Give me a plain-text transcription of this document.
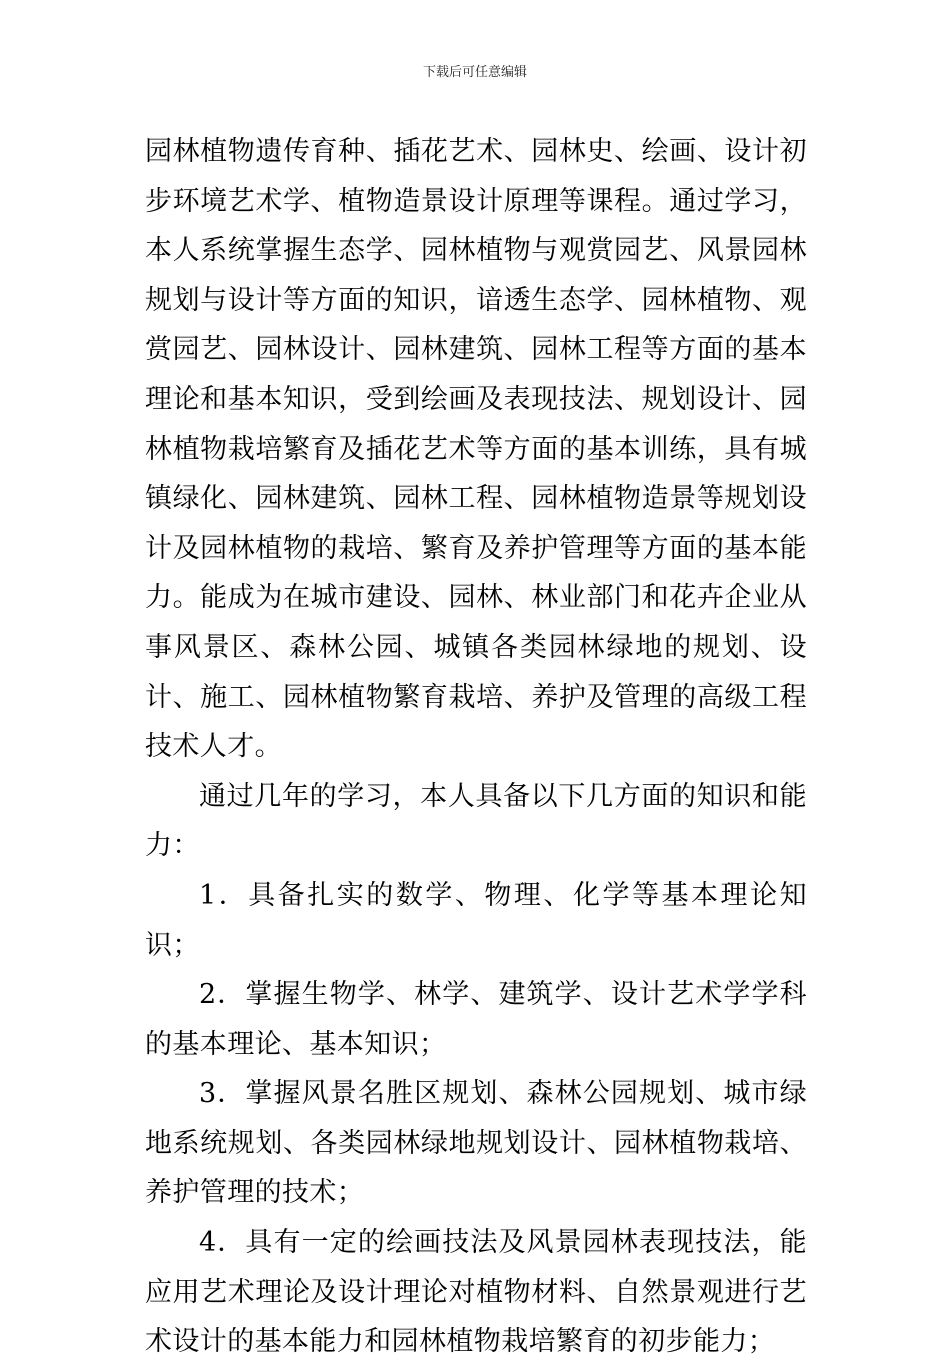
下载后可任意编辑

园林植物遗传育种、插花艺术、园林史、绘画、设计初步环境艺术学、植物造景设计原理等课程。通过学习，本人系统掌握生态学、园林植物与观赏园艺、风景园林规划与设计等方面的知识，谙透生态学、园林植物、观赏园艺、园林设计、园林建筑、园林工程等方面的基本理论和基本知识，受到绘画及表现技法、规划设计、园林植物栽培繁育及插花艺术等方面的基本训练，具有城镇绿化、园林建筑、园林工程、园林植物造景等规划设计及园林植物的栽培、繁育及养护管理等方面的基本能力。能成为在城市建设、园林、林业部门和花卉企业从事风景区、森林公园、城镇各类园林绿地的规划、设计、施工、园林植物繁育栽培、养护及管理的高级工程技术人才。

通过几年的学习，本人具备以下几方面的知识和能力：

1．具备扎实的数学、物理、化学等基本理论知识；

2．掌握生物学、林学、建筑学、设计艺术学学科的基本理论、基本知识；

3．掌握风景名胜区规划、森林公园规划、城市绿地系统规划、各类园林绿地规划设计、园林植物栽培、养护管理的技术；

4．具有一定的绘画技法及风景园林表现技法，能应用艺术理论及设计理论对植物材料、自然景观进行艺术设计的基本能力和园林植物栽培繁育的初步能力；
